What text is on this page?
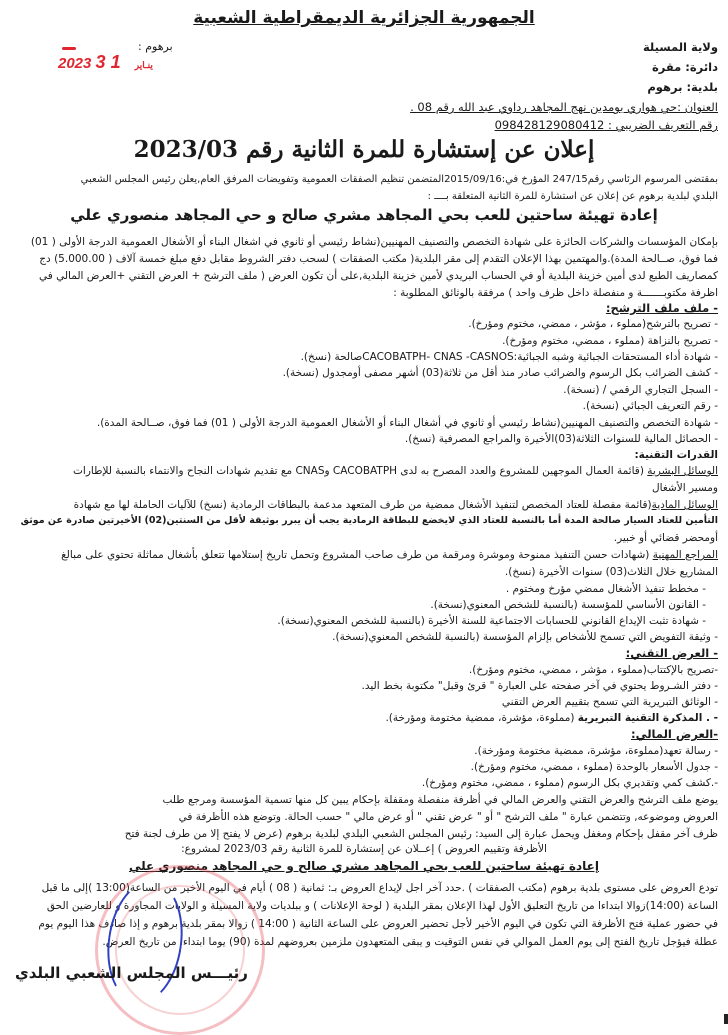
الجمهورية الجزائرية الديمقراطية الشعبية
ولاية المسيلة
دائرة: مقرة
بلدية: برهوم
العنوان :حي هواري بومدين نهج المجاهد رداوي عبد الله رقم 08 .
رقم التعريف الضريبي : 098428129080412
برهوم :
2023	ينـاير 1 3
إعلان عن إستشارة للمرة الثانية رقم 2023/03
بمقتضى المرسوم الرئاسي رقم247/15 المؤرخ في:2015/09/16المتضمن تنظيم الصفقات العمومية وتفويضات المرفق العام,يعلن رئيس المجلس الشعبي
البلدي لبلدية برهوم عن إعلان عن استشارة للمرة الثانية المتعلقة بــــ :
إعادة تهيئة ساحتين للعب بحي المجاهد مشري صالح و حي المجاهد منصوري علي
بإمكان المؤسسات والشركات الحائزة على شهادة التخصص والتصنيف المهنيين(نشاط رئيسي أو ثانوي في اشغال البناء أو الأشغال العمومية الدرجة الأولى ( 01)
فما فوق، صــالحة المدة).والمهتمين بهذا الإعلان التقدم إلى مقر البلدية( مكتب الصفقات ) لسحب دفتر الشروط مقابل دفع مبلغ خمسة آلاف ( 5.000.00) دج
كمصاريف الطبع لدى أمين خزينة البلدية أو في الحساب البريدي لأمين خزينة البلدية,على أن تكون العرض ( ملف الترشح + العرض التقني +العرض المالي في
اظرفة مكتوبـــــــة و منفصلة داخل ظرف واحد ) مرفقة بالوثائق المطلوبة :
- ملف ملف الترشح:
- تصريح بالترشح(مملوء ، مؤشر ، ممضي، مختوم ومؤرخ).
- تصريح بالنزاهة (مملوء ، ممضي، مختوم ومؤرخ).
- شهادة أداء المستحقات الجبائية وشبه الجبائية:CACOBATPH- CNAS -CASNOSصالحة (نسخ).
- كشف الضرائب بكل الرسوم والضرائب صادر منذ أقل من ثلاثة(03) أشهر مصفى أومجدول (نسخة).
- السجل التجاري الرقمي / (نسخة).
- رقم التعريف الجبائي (نسخة).
- شهادة التخصص والتصنيف المهنيين(نشاط رئيسي أو ثانوي في أشغال البناء أو الأشغال العمومية الدرجة الأولى ( 01) فما فوق، صــالحة المدة).
- الحصائل المالية للسنوات الثلاثة(03)الأخيرة والمراجع المصرفية (نسخ).
القدرات التقنية:
الوسائل البشرية (قائمة العمال الموجهين للمشروع والعدد المصرح به لدى CACOBATPH وCNAS مع تقديم شهادات النجاح والانتماء بالنسبة للإطارات
ومسير الأشغال
الوسائل المادية(قائمة مفصلة للعتاد المخصص لتنفيذ الأشغال ممضية من طرف المتعهد مدعمة بالبطاقات الرمادية (نسخ) للآليات الحاملة لها مع شهادة
التأمين للعتاد السيار صالحة المدة أما بالنسبة للعتاد الذي لايخضع للبطاقة الرمادية يجب أن يبرر بوثيقة لأقل من السنتين(02) الأخيرتين صادرة عن موثق
أومحضر قضائي أو خبير.
المراجع المهنية (شهادات حسن التنفيذ ممنوحة وموشرة ومرقمة من طرف صاحب المشروع وتحمل تاريخ إستلامها تتعلق بأشغال مماثلة تحتوي على مبالغ
المشاريع خلال الثلاث(03) سنوات الأخيرة (نسخ).
- مخطط تنفيذ الأشغال ممضي مؤرخ ومختوم .
- القانون الأساسي للمؤسسة (بالنسبة للشخص المعنوي(نسخة).
- شهادة تثبت الإيداع القانوني للحسابات الاجتماعية للسنة الأخيرة (بالنسبة للشخص المعنوي(نسخة).
- وثيقة التفويض التي تسمح للأشخاص بإلزام المؤسسة (بالنسبة للشخص المعنوي(نسخة).
- العرض التقني:
-تصريح بالإكتتاب(مملوء ، مؤشر ، ممضي، مختوم ومؤرخ).
- دفتر الشـروط يحتوي في آخر صفحته على العبارة " قرئ وقبل" مكتوبة بخط اليد.
- الوثائق التبريرية التي تسمح بتقييم العرض التقني
- . المذكرة التقنية التبريرية (مملوءة، مؤشرة، ممضية مختومة ومؤرخة).
-العرض المالي:
- رسالة تعهد(مملوءة، مؤشرة، ممضية مختومة ومؤرخة).
- جدول الأسعار بالوحدة (مملوء ، ممضي، مختوم ومؤرخ).
-.كشف كمي وتقديري بكل الرسوم (مملوء ، ممضي، مختوم ومؤرخ).
يوضع ملف الترشح والعرض التقني والعرض المالي في أظرفة منفصلة ومقفلة بإحكام يبين كل منها تسمية المؤسسة ومرجع طلب
العروض وموضوعه, وتتضمن عبارة " ملف الترشح " أو " عرض تقني " أو عرض مالي " حسب الحالة. وتوضع هذه الأظرفة في
ظرف آخر مقفل بإحكام ومغفل ويحمل عبارة إلى السيد: رئيس المجلس الشعبي البلدي لبلدية برهوم (عرض لا يفتح إلا من طرف لجنة فتح
الأظرفة وتقييم العروض ) إعــلان عن إستشارة للمرة الثانية رقم 2023/03 لمشروع:
إعادة تهيئة ساحتين للعب بحي المجاهد مشري صالح و حي المجاهد منصوري علي
تودع العروض على مستوى بلدية برهوم (مكتب الصفقات ) .حدد آخر اجل لإيداع العروض بـ: ثمانية ( 08 ) أيام في اليوم الأخير من الساعة(13:00 )إلى ما قبل
الساعة (14:00)زوالا ابتداءا من تاريخ التعليق الأول لهذا الإعلان بمقر البلدية ( لوحة الإعلانات ) و ببلديات ولاية المسيلة و الولايات المجاورة و للعارضين الحق
في حضور عملية فتح الأظرفة التي تكون في اليوم الأخير لأجل تحضير العروض على الساعة الثانية ( 14:00 ) زوالا بمقر بلدية برهوم و إذا صادف هذا اليوم يوم
عطلة فيؤجل تاريخ الفتح إلى يوم العمل الموالي في نفس التوقيت و يبقى المتعهدون ملزمين بعروضهم لمدة (90) يوما ابتداءا من تاريخ العرض.
رئيـــس المجلس الشعبي البلدي
